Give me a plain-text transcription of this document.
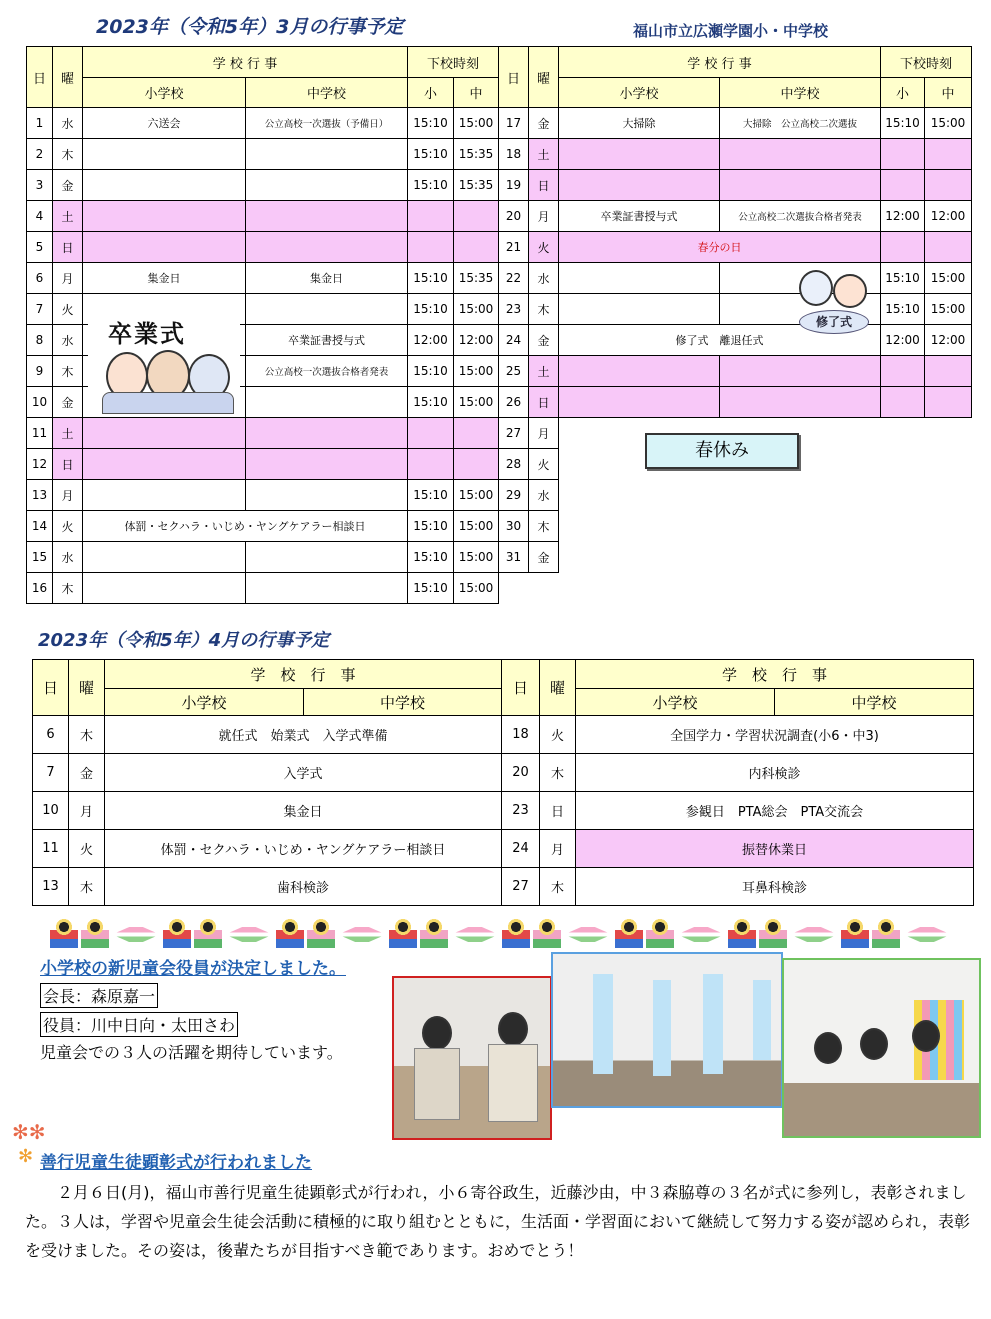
2023年（令和5年）3月の行事予定	福山市立広瀬学園小・中学校
日	曜	学 校 行 事		下校時刻	
		小学校	中学校	小	中
1	水	六送会	公立高校一次選抜（予備日）	15:10	15:00
2	木			15:10	15:35
3	金			15:10	15:35
4	土				
5	日				
6	月	集金日	集金日	15:10	15:35
7	火			15:10	15:00
8	水		卒業証書授与式	12:00	12:00
9	木		公立高校一次選抜合格者発表	15:10	15:00
10	金			15:10	15:00
11	土				
12	日				
13	月			15:10	15:00
14	火	体罰・セクハラ・いじめ・ヤングケアラー相談日		15:10	15:00
15	水			15:10	15:00
16	木			15:10	15:00
日	曜	学 校 行 事		下校時刻	
		小学校	中学校	小	中
17	金	大掃除	大掃除　公立高校二次選抜	15:10	15:00
18	土				
19	日				
20	月	卒業証書授与式	公立高校二次選抜合格者発表	12:00	12:00
21	火	春分の日			
22	水			15:10	15:00
23	木			15:10	15:00
24	金	修了式　離退任式		12:00	12:00
25	土				
26	日				
27	月				
28	火				
29	水				
30	木				
31	金				
卒業式	修了式
春休み
2023年（令和5年）4月の行事予定
日	曜	学　校　行　事	
		小学校	中学校
6	木	就任式　始業式　入学式準備	
7	金	入学式	
10	月	集金日	
11	火	体罰・セクハラ・いじめ・ヤングケアラー相談日	
13	木	歯科検診	
日	曜	学　校　行　事	
		小学校	中学校
18	火	全国学力・学習状況調査(小6・中3)	
20	木	内科検診	
23	日	参観日　PTA総会　PTA交流会	
24	月	振替休業日	
27	木	耳鼻科検診	
小学校の新児童会役員が決定しました。
会長：森原嘉一
役員：川中日向・太田さわ
児童会での３人の活躍を期待しています。
✻✻
✻ 善行児童生徒顕彰式が行われました
２月６日(月)，福山市善行児童生徒顕彰式が行われ，小６寄谷政生，近藤沙由，中３森脇尊の３名が式に参列し，表彰されました。３人は，学習や児童会生徒会活動に積極的に取り組むとともに，生活面・学習面において継続して努力する姿が認められ，表彰を受けました。その姿は，後輩たちが目指すべき範であります。おめでとう！
